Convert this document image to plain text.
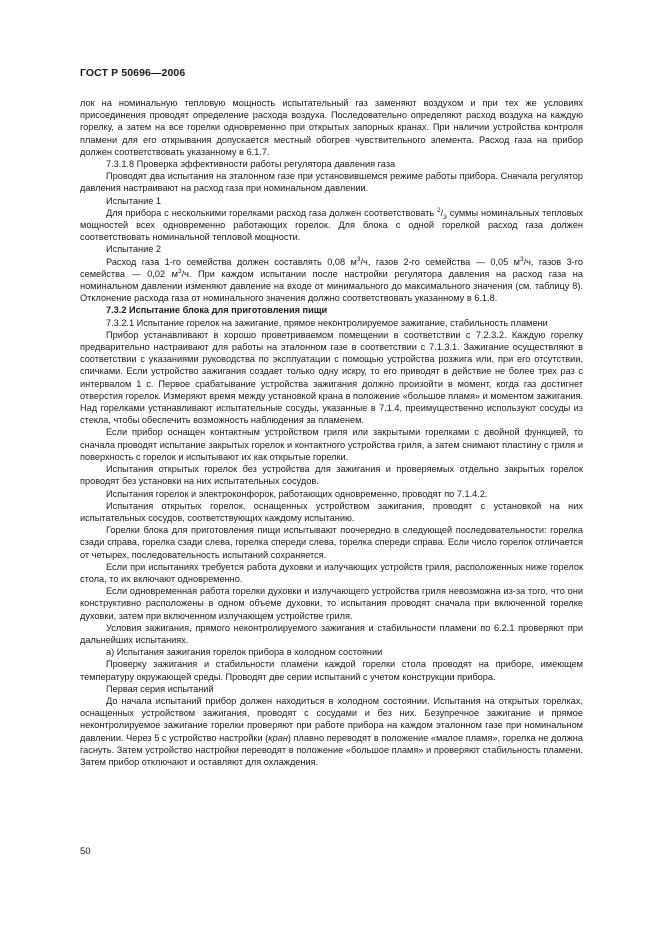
ГОСТ Р 50696—2006

лок на номинальную тепловую мощность испытательный газ заменяют воздухом и при тех же условиях присоединения проводят определение расхода воздуха. Последовательно определяют расход воздуха на каждую горелку, а затем на все горелки одновременно при открытых запорных кранах. При наличии устройства контроля пламени для его открывания допускается местный обогрев чувствительного элемента. Расход газа на прибор должен соответствовать указанному в 6.1.7.

7.3.1.8 Проверка эффективности работы регулятора давления газа

Проводят два испытания на эталонном газе при установившемся режиме работы прибора. Сначала регулятор давления настраивают на расход газа при номинальном давлении.

Испытание 1

Для прибора с несколькими горелками расход газа должен соответствовать $^2/_3$ суммы номинальных тепловых мощностей всех одновременно работающих горелок. Для блока с одной горелкой расход газа должен соответствовать номинальной тепловой мощности.

Испытание 2

Расход газа 1-го семейства должен составлять 0,08 $м^3/ч$, газов 2-го семейства — 0,05 $м^3/ч$, газов 3-го семейства — 0,02 $м^3/ч$. При каждом испытании после настройки регулятора давления на расход газа на номинальном давлении изменяют давление на входе от минимального до максимального значения (см. таблицу 8). Отклонение расхода газа от номинального значения должно соответствовать указанному в 6.1.8.

7.3.2 Испытание блока для приготовления пищи

7.3.2.1 Испытание горелок на зажигание, прямое неконтролируемое зажигание, стабильность пламени

Прибор устанавливают в хорошо проветриваемом помещении в соответствии с 7.2.3.2. Каждую горелку предварительно настраивают для работы на эталонном газе в соответствии с 7.1.3.1. Зажигание осуществляют в соответствии с указаниями руководства по эксплуатации с помощью устройства розжига или, при его отсутствии, спичками. Если устройство зажигания создает только одну искру, то его приводят в действие не более трех раз с интервалом 1 с. Первое срабатывание устройства зажигания должно произойти в момент, когда газ достигнет отверстия горелок. Измеряют время между установкой крана в положение «большое пламя» и моментом зажигания. Над горелками устанавливают испытательные сосуды, указанные в 7.1.4, преимущественно используют сосуды из стекла, чтобы обеспечить возможность наблюдения за пламенем.

Если прибор оснащен контактным устройством гриля или закрытыми горелками с двойной функцией, то сначала проводят испытание закрытых горелок и контактного устройства гриля, а затем снимают пластину с гриля и поверхность с горелок и испытывают их как открытые горелки.

Испытания открытых горелок без устройства для зажигания и проверяемых отдельно закрытых горелок проводят без установки на них испытательных сосудов.

Испытания горелок и электроконфорок, работающих одновременно, проводят по 7.1.4.2.

Испытания открытых горелок, оснащенных устройством зажигания, проводят с установкой на них испытательных сосудов, соответствующих каждому испытанию.

Горелки блока для приготовления пищи испытывают поочередно в следующей последовательности: горелка сзади справа, горелка сзади слева, горелка спереди слева, горелка спереди справа. Если число горелок отличается от четырех, последовательность испытаний сохраняется.

Если при испытаниях требуется работа духовки и излучающих устройств гриля, расположенных ниже горелок стола, то их включают одновременно.

Если одновременная работа горелки духовки и излучающего устройства гриля невозможна из-за того, что они конструктивно расположены в одном объеме духовки, то испытания проводят сначала при включенной горелке духовки, затем при включенном излучающем устройстве гриля.

Условия зажигания, прямого неконтролируемого зажигания и стабильности пламени по 6.2.1 проверяют при дальнейших испытаниях.

а) Испытания зажигания горелок прибора в холодном состоянии

Проверку зажигания и стабильности пламени каждой горелки стола проводят на приборе, имеющем температуру окружающей среды. Проводят две серии испытаний с учетом конструкции прибора.

Первая серия испытаний

До начала испытаний прибор должен находиться в холодном состоянии. Испытания на открытых горелках, оснащенных устройством зажигания, проводят с сосудами и без них. Безупречное зажигание и прямое неконтролируемое зажигание горелки проверяют при работе прибора на каждом эталонном газе при номинальном давлении. Через 5 с устройство настройки (кран) плавно переводят в положение «малое пламя», горелка не должна гаснуть. Затем устройство настройки переводят в положение «большое пламя» и проверяют стабильность пламени. Затем прибор отключают и оставляют для охлаждения.

50
